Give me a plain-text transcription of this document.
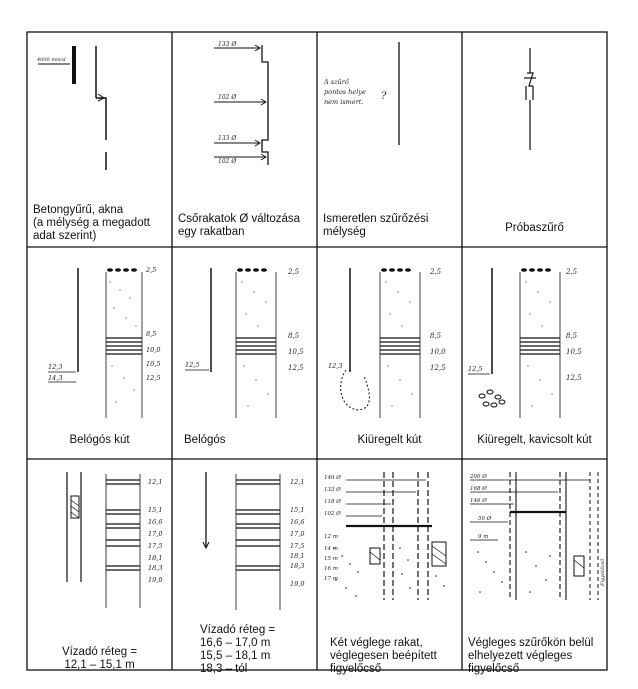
4000 mm/d
133 Ø
102 Ø
133 Ø
102 Ø
A szűrő
pontos helye
nem ismert. ?
2,5
8,5
10,0
10,5
12,5
12,3
14,3
2,5
8,5
10,5
12,5
12,5
2,5
8,5
10,0
12,5
12,3
2,5
8,5
10,5
12,5
12,5
12,1
15,1
16,6
17,0
17,5
18,1
18,3
19,0
12,1
15,1
16,6
17,0
17,5
18,1
18,3
19,0
146 Ø
133 Ø
118 Ø
102 Ø
12 m
14 m
15 m
16 m
17 m
200 Ø
168 Ø
146 Ø
50 Ø
9 m
Figyelőcső
Betongyűrű, akna
(a mélység a megadott
adat szerint)
Csőrakatok Ø változása
egy rakatban
Ismeretlen szűrőzési
mélység	Próbaszűrő
Belógós kút	Belógós	Kiüregelt kút	Kiüregelt, kavicsolt kút
Vízadó réteg =
12,1 – 15,1 m
Vízadó réteg =
16,6 – 17,0 m
15,5 – 18,1 m
18,3 – tól
Két véglege rakat,
véglegesen beépített
figyelőcső
Végleges szűrőkön belül
elhelyezett végleges
figyelőcső
